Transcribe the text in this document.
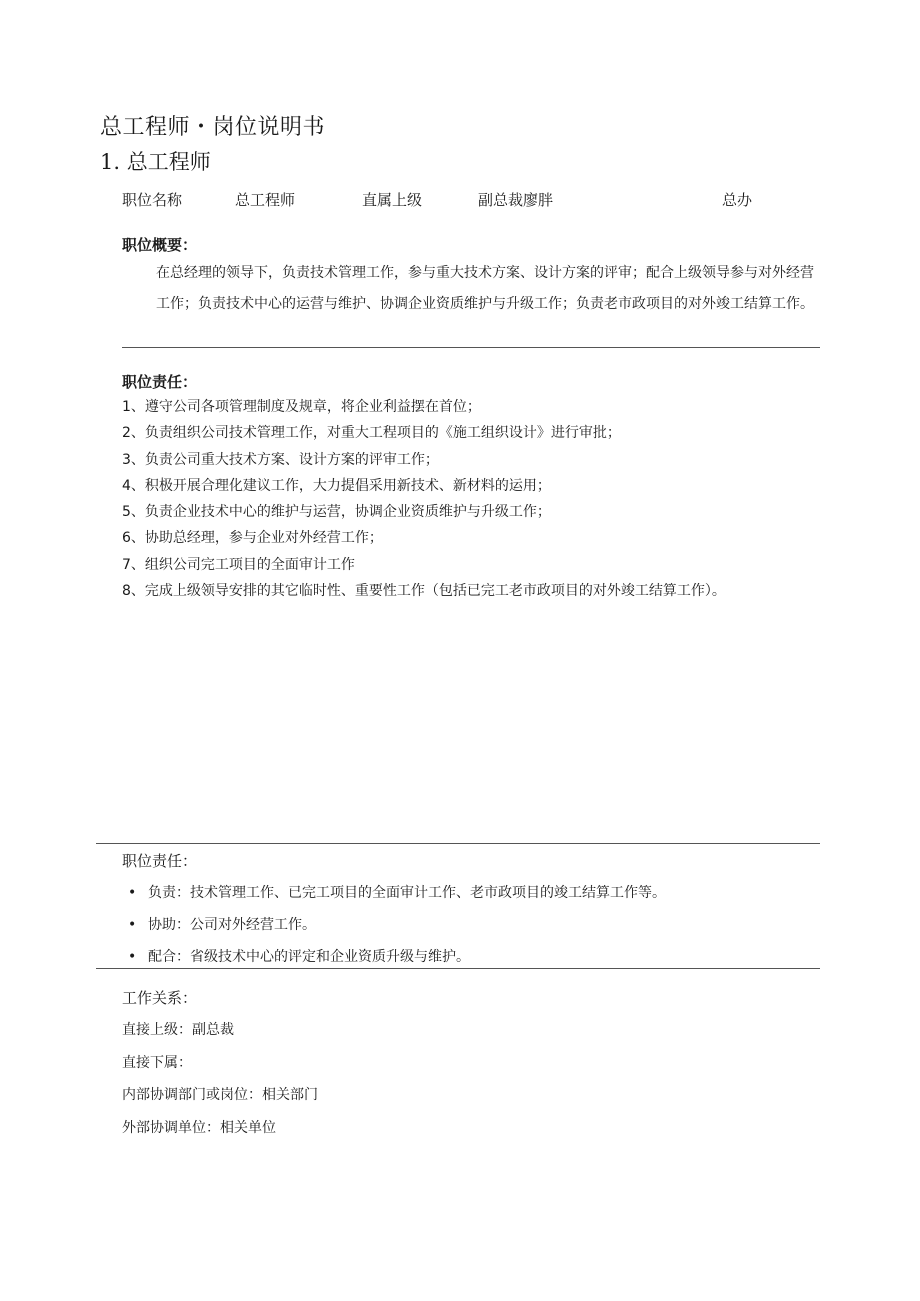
总工程师・岗位说明书
1. 总工程师
职位名称	总工程师	直属上级	副总裁廖胖	总办
职位概要：
在总经理的领导下，负责技术管理工作，参与重大技术方案、设计方案的评审；配合上级领导参与对外经营工作；负责技术中心的运营与维护、协调企业资质维护与升级工作；负责老市政项目的对外竣工结算工作。
职位责任：
1、遵守公司各项管理制度及规章，将企业利益摆在首位；
2、负责组织公司技术管理工作，对重大工程项目的《施工组织设计》进行审批；
3、负责公司重大技术方案、设计方案的评审工作；
4、积极开展合理化建议工作，大力提倡采用新技术、新材料的运用；
5、负责企业技术中心的维护与运营，协调企业资质维护与升级工作；
6、协助总经理，参与企业对外经营工作；
7、组织公司完工项目的全面审计工作
8、完成上级领导安排的其它临时性、重要性工作（包括已完工老市政项目的对外竣工结算工作）。
职位责任：
• 负责：技术管理工作、已完工项目的全面审计工作、老市政项目的竣工结算工作等。
• 协助：公司对外经营工作。
• 配合：省级技术中心的评定和企业资质升级与维护。
工作关系：
直接上级：副总裁
直接下属：
内部协调部门或岗位：相关部门
外部协调单位：相关单位
